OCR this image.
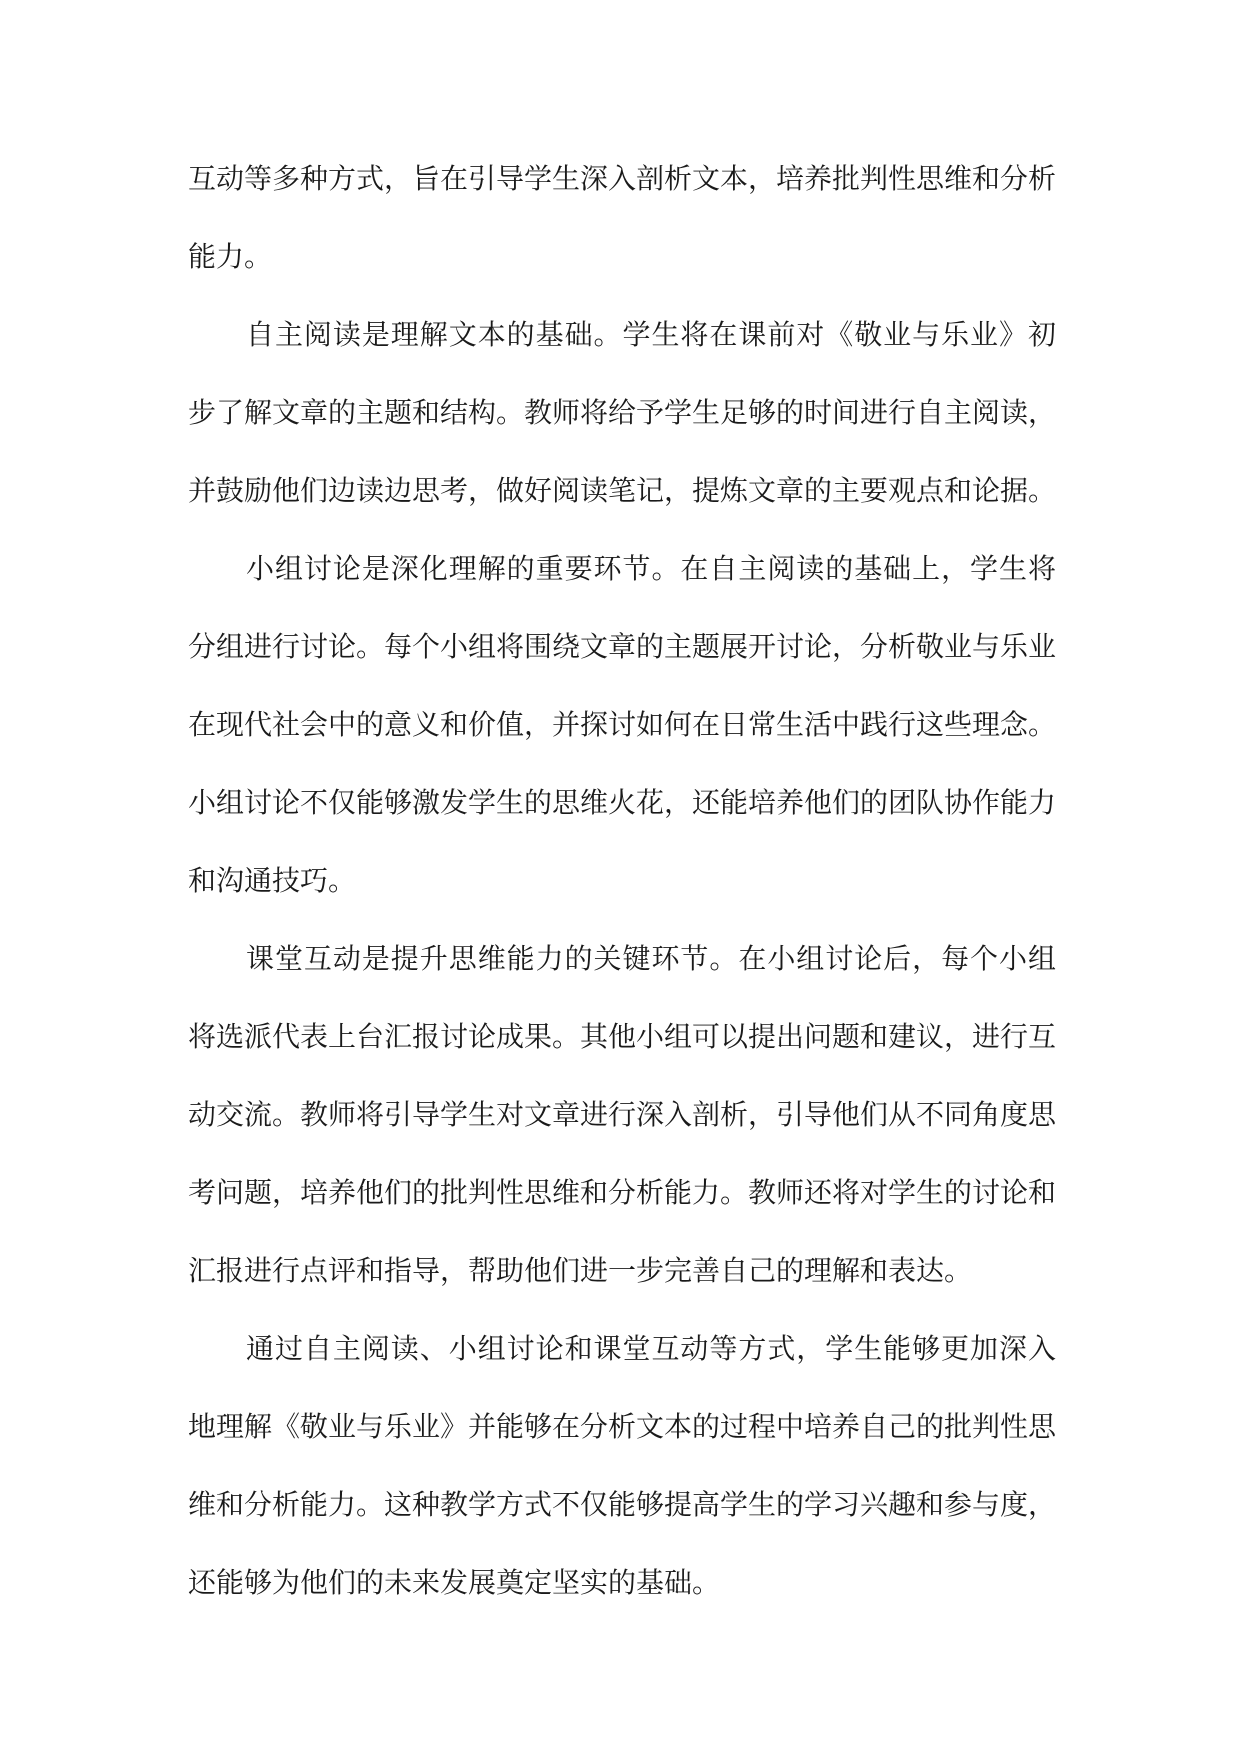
互动等多种方式，旨在引导学生深入剖析文本，培养批判性思维和分析能力。

自主阅读是理解文本的基础。学生将在课前对《敬业与乐业》初步了解文章的主题和结构。教师将给予学生足够的时间进行自主阅读，并鼓励他们边读边思考，做好阅读笔记，提炼文章的主要观点和论据。

小组讨论是深化理解的重要环节。在自主阅读的基础上，学生将分组进行讨论。每个小组将围绕文章的主题展开讨论，分析敬业与乐业在现代社会中的意义和价值，并探讨如何在日常生活中践行这些理念。小组讨论不仅能够激发学生的思维火花，还能培养他们的团队协作能力和沟通技巧。

课堂互动是提升思维能力的关键环节。在小组讨论后，每个小组将选派代表上台汇报讨论成果。其他小组可以提出问题和建议，进行互动交流。教师将引导学生对文章进行深入剖析，引导他们从不同角度思考问题，培养他们的批判性思维和分析能力。教师还将对学生的讨论和汇报进行点评和指导，帮助他们进一步完善自己的理解和表达。

通过自主阅读、小组讨论和课堂互动等方式，学生能够更加深入地理解《敬业与乐业》并能够在分析文本的过程中培养自己的批判性思维和分析能力。这种教学方式不仅能够提高学生的学习兴趣和参与度，还能够为他们的未来发展奠定坚实的基础。
